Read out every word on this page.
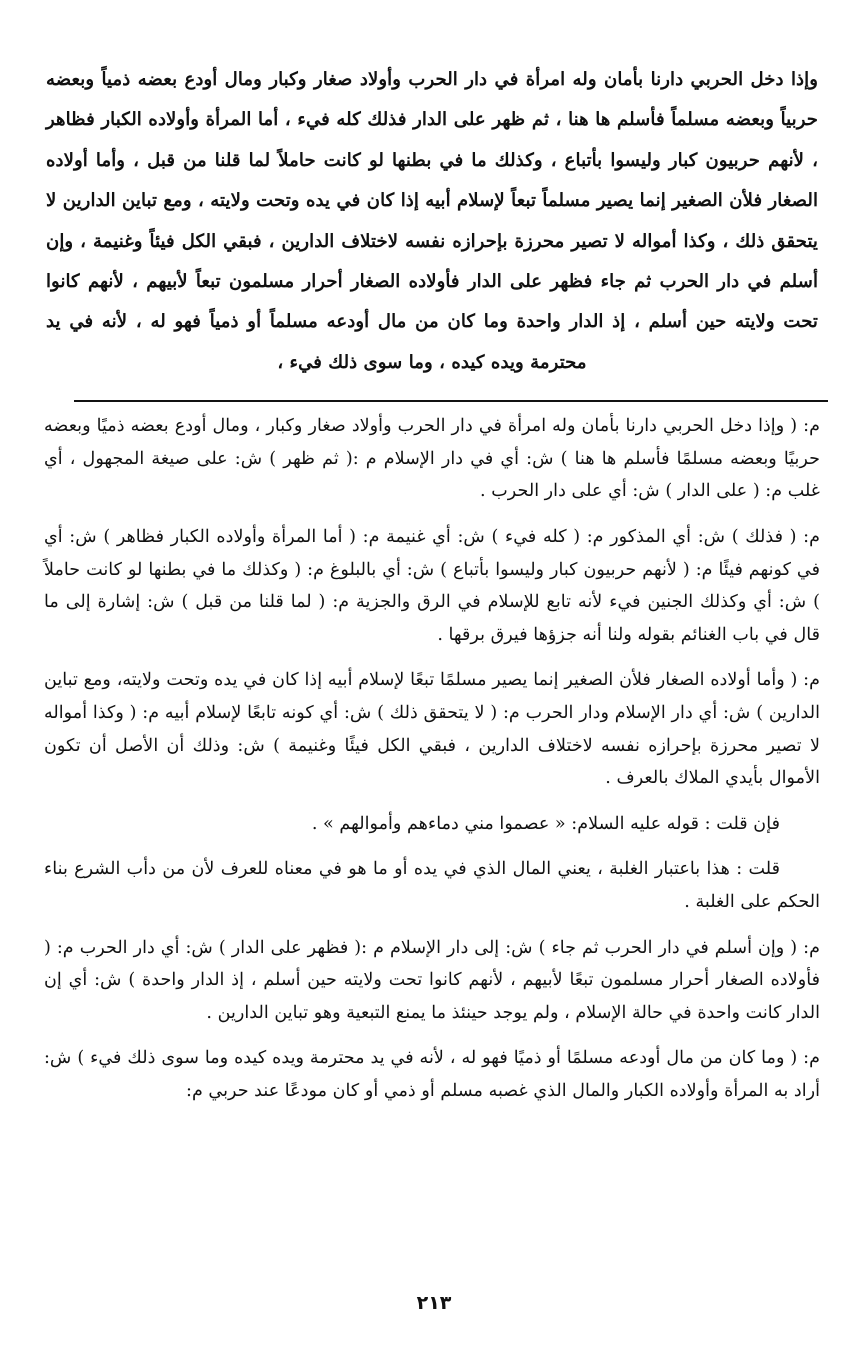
وإذا دخل الحربي دارنا بأمان وله امرأة في دار الحرب وأولاد صغار وكبار ومال أودع بعضه ذمياً وبعضه حربياً وبعضه مسلماً فأسلم ها هنا ، ثم ظهر على الدار فذلك كله فيء ، أما المرأة وأولاده الكبار فظاهر ، لأنهم حربيون كبار وليسوا بأتباع ، وكذلك ما في بطنها لو كانت حاملاً لما قلنا من قبل ، وأما أولاده الصغار فلأن الصغير إنما يصير مسلماً تبعاً لإسلام أبيه إذا كان في يده وتحت ولايته ، ومع تباين الدارين لا يتحقق ذلك ، وكذا أمواله لا تصير محرزة بإحرازه نفسه لاختلاف الدارين ، فبقي الكل فيئاً وغنيمة ، وإن أسلم في دار الحرب ثم جاء فظهر على الدار فأولاده الصغار أحرار مسلمون تبعاً لأبيهم ، لأنهم كانوا تحت ولايته حين أسلم ، إذ الدار واحدة وما كان من مال أودعه مسلماً أو ذمياً فهو له ، لأنه في يد محترمة ويده كيده ، وما سوى ذلك فيء ،

م: ( وإذا دخل الحربي دارنا بأمان وله امرأة في دار الحرب وأولاد صغار وكبار ، ومال أودع بعضه ذميًا وبعضه حربيًا وبعضه مسلمًا فأسلم ها هنا ) ش: أي في دار الإسلام م :( ثم ظهر ) ش: على صيغة المجهول ، أي غلب م: ( على الدار ) ش: أي على دار الحرب .

م: ( فذلك ) ش: أي المذكور م: ( كله فيء ) ش: أي غنيمة م: ( أما المرأة وأولاده الكبار فظاهر ) ش: أي في كونهم فيئًا م: ( لأنهم حربيون كبار وليسوا بأتباع ) ش: أي بالبلوغ م: ( وكذلك ما في بطنها لو كانت حاملاً ) ش: أي وكذلك الجنين فيء لأنه تابع للإسلام في الرق والجزية م: ( لما قلنا من قبل ) ش: إشارة إلى ما قال في باب الغنائم بقوله ولنا أنه جزؤها فيرق برقها .

م: ( وأما أولاده الصغار فلأن الصغير إنما يصير مسلمًا تبعًا لإسلام أبيه إذا كان في يده وتحت ولايته، ومع تباين الدارين ) ش: أي دار الإسلام ودار الحرب م: ( لا يتحقق ذلك ) ش: أي كونه تابعًا لإسلام أبيه م: ( وكذا أمواله لا تصير محرزة بإحرازه نفسه لاختلاف الدارين ، فبقي الكل فيئًا وغنيمة ) ش: وذلك أن الأصل أن تكون الأموال بأيدي الملاك بالعرف .

فإن قلت : قوله عليه السلام: « عصموا مني دماءهم وأموالهم » .

قلت : هذا باعتبار الغلبة ، يعني المال الذي في يده أو ما هو في معناه للعرف لأن من دأب الشرع بناء الحكم على الغلبة .

م: ( وإن أسلم في دار الحرب ثم جاء ) ش: إلى دار الإسلام م :( فظهر على الدار ) ش: أي دار الحرب م: ( فأولاده الصغار أحرار مسلمون تبعًا لأبيهم ، لأنهم كانوا تحت ولايته حين أسلم ، إذ الدار واحدة ) ش: أي إن الدار كانت واحدة في حالة الإسلام ، ولم يوجد حينئذ ما يمنع التبعية وهو تباين الدارين .

م: ( وما كان من مال أودعه مسلمًا أو ذميًا فهو له ، لأنه في يد محترمة ويده كيده وما سوى ذلك فيء ) ش: أراد به المرأة وأولاده الكبار والمال الذي غصبه مسلم أو ذمي أو كان مودعًا عند حربي م:

٢١٣
